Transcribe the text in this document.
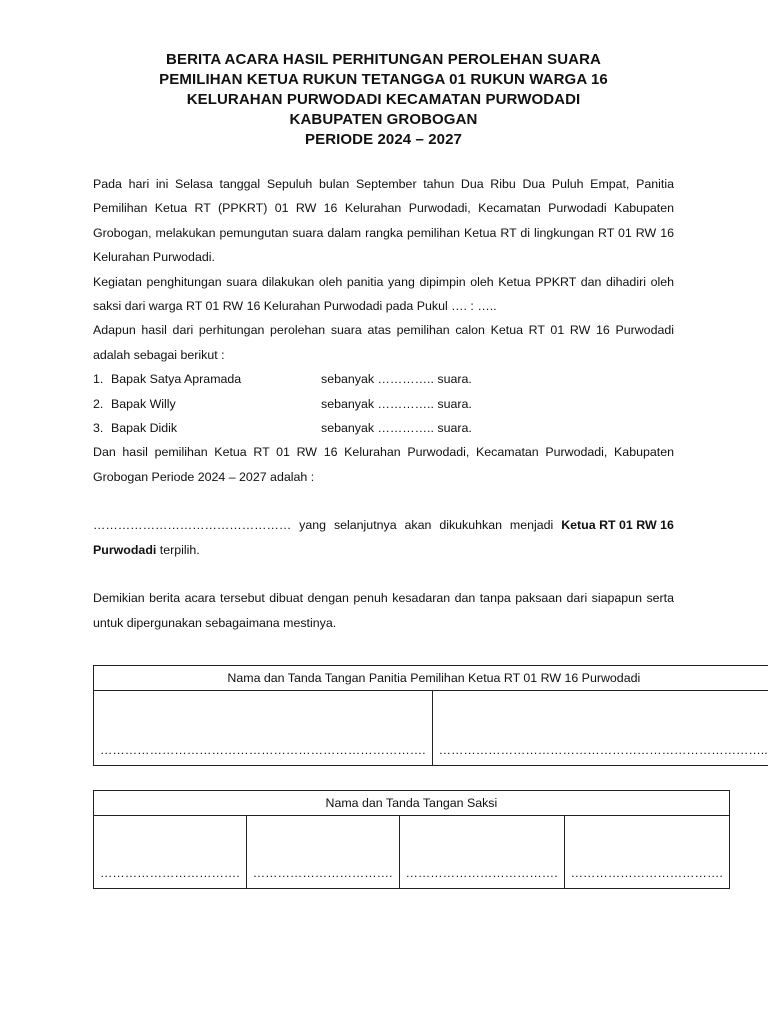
BERITA ACARA HASIL PERHITUNGAN PEROLEHAN SUARA
PEMILIHAN KETUA RUKUN TETANGGA 01 RUKUN WARGA 16
KELURAHAN PURWODADI KECAMATAN PURWODADI
KABUPATEN GROBOGAN
PERIODE 2024 – 2027
Pada hari ini Selasa tanggal Sepuluh bulan September tahun Dua Ribu Dua Puluh Empat, Panitia Pemilihan Ketua RT (PPKRT) 01 RW 16 Kelurahan Purwodadi, Kecamatan Purwodadi Kabupaten Grobogan, melakukan pemungutan suara dalam rangka pemilihan Ketua RT di lingkungan RT 01 RW 16 Kelurahan Purwodadi.
Kegiatan penghitungan suara dilakukan oleh panitia yang dipimpin oleh Ketua PPKRT dan dihadiri oleh saksi dari warga RT 01 RW 16 Kelurahan Purwodadi pada Pukul …. : …..
Adapun hasil dari perhitungan perolehan suara atas pemilihan calon Ketua RT 01 RW 16 Purwodadi adalah sebagai berikut :
1. Bapak Satya Apramada	sebanyak ………….. suara.
2. Bapak Willy	sebanyak ………….. suara.
3. Bapak Didik	sebanyak ………….. suara.
Dan hasil pemilihan Ketua RT 01 RW 16 Kelurahan Purwodadi, Kecamatan Purwodadi, Kabupaten Grobogan Periode 2024 – 2027 adalah :
………………………………………… yang selanjutnya akan dikukuhkan menjadi Ketua RT 01 RW 16
Purwodadi terpilih.
Demikian berita acara tersebut dibuat dengan penuh kesadaran dan tanpa paksaan dari siapapun serta untuk dipergunakan sebagaimana mestinya.
Nama dan Tanda Tangan Panitia Pemilihan Ketua RT 01 RW 16 Purwodadi
…………………………………………………………………….	……………………………………………………………………..
Nama dan Tanda Tangan Saksi
…………………………….	…………………………….	……………………………….	……………………………….
